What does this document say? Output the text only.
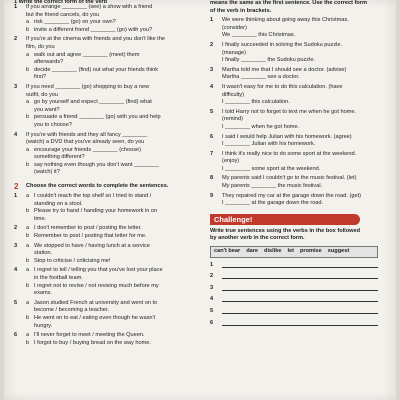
1 Write the correct form of the verb
1	If you arrange ________ (see) a show with a friend
but the friend cancels, do you
a risk ________ (go) on your own?
b invite a different friend ________ (go) with you?
2	If you're at the cinema with friends and you don't like the
film, do you
a walk out and agree ________ (meet) them
afterwards?
b decide ________ (find) out what your friends think
first?
3	If you need ________ (go) shopping to buy a new
outfit, do you
a go by yourself and expect ________ (find) what
you want?
b persuade a friend ________ (go) with you and help
you to choose?
4	If you're with friends and they all fancy ________
(watch) a DVD that you've already seen, do you
a encourage your friends ________ (choose)
something different?
b say nothing even though you don't want ________
(watch) it?
2	Choose the correct words to complete the sentences.
1	a I couldn't reach the top shelf so I tried to stand /
standing on a stool.
b Please try to hand / handing your homework in on
time.
2	a I don't remember to post / posting the letter.
b Remember to post / posting that letter for me.
3	a We stopped to have / having lunch at a service
station.
b Stop to criticise / criticising me!
4	a I regret to tell / telling you that you've lost your place
in the football team.
b I regret not to revise / not revising much before my
exams.
5	a Jason studied French at university and went on to
become / becoming a teacher.
b He went on to eat / eating even though he wasn't
hungry.
6	a I'll never forget to meet / meeting the Queen.
b I forgot to buy / buying bread on the way home.
means the same as the first sentence. Use the correct form
of the verb in brackets.
1	We were thinking about going away this Christmas.
(consider)
We ________ this Christmas.
2	I finally succeeded in solving the Sudoku puzzle.
(manage)
I finally ________ the Sudoku puzzle.
3	Martha told me that I should see a doctor. (advise)
Martha ________ see a doctor.
4	It wasn't easy for me to do this calculation. (have
difficulty)
I ________ this calculation.
5	I told Harry not to forget to text me when he got home.
(remind)
I ________ when he got home.
6	I said I would help Julian with his homework. (agree)
I ________ Julian with his homework.
7	I think it's really nice to do some sport at the weekend.
(enjoy)
I ________ some sport at the weekend.
8	My parents said I couldn't go to the music festival. (let)
My parents ________ the music festival.
9	They repaired my car at the garage down the road. (get)
I ________ at the garage down the road.
Challenge!
Write true sentences using the verbs in the box followed
by another verb in the correct form.
can't bear dare dislike let promise suggest
1
2
3
4
5
6
